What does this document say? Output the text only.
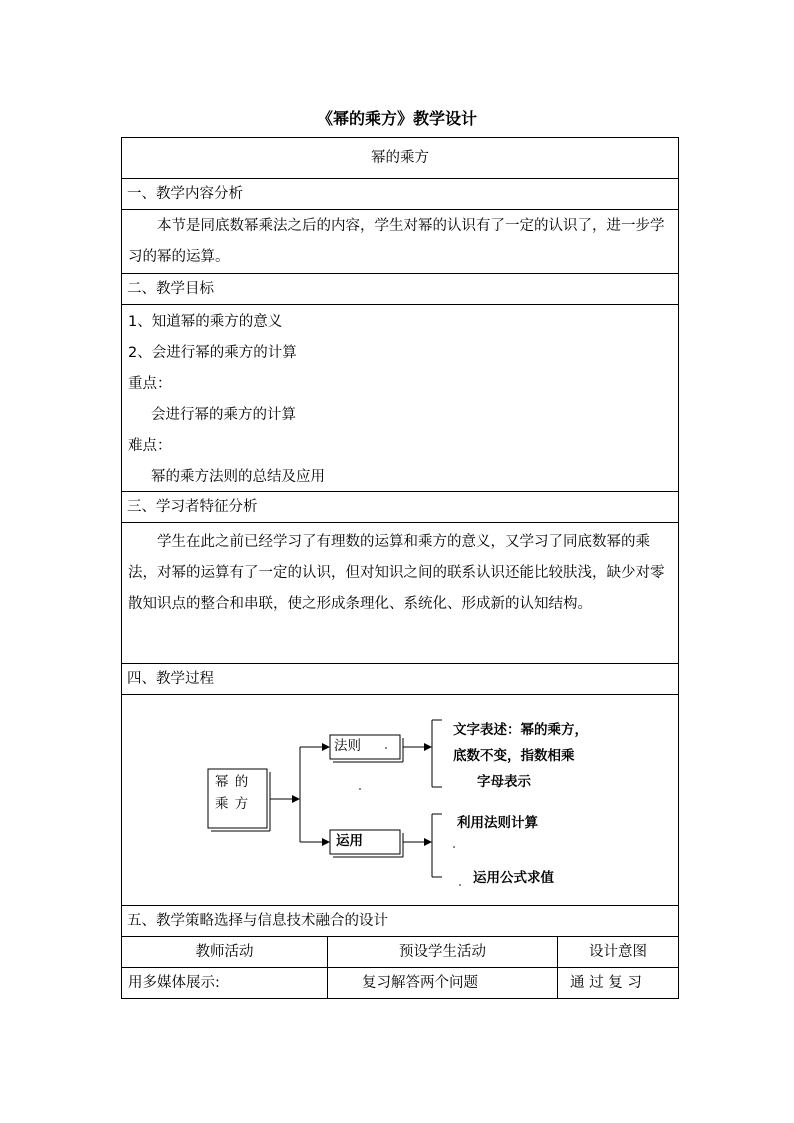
《幂的乘方》教学设计
幂的乘方
一、教学内容分析
本节是同底数幂乘法之后的内容，学生对幂的认识有了一定的认识了，进一步学习的幂的运算。
二、教学目标
1、知道幂的乘方的意义
2、会进行幂的乘方的计算
重点：
会进行幂的乘方的计算
难点：
幂的乘方法则的总结及应用
三、学习者特征分析
学生在此之前已经学习了有理数的运算和乘方的意义，又学习了同底数幂的乘法，对幂的运算有了一定的认识，但对知识之间的联系认识还能比较肤浅，缺少对零散知识点的整合和串联，使之形成条理化、系统化、形成新的认知结构。
四、教学过程
幂 的 乘 方
法则
运用
文字表述：幂的乘方，
底数不变，指数相乘
字母表示
利用法则计算
运用公式求值
五、教学策略选择与信息技术融合的设计
教师活动	预设学生活动	设计意图
用多媒体展示:	复习解答两个问题	通 过 复 习
